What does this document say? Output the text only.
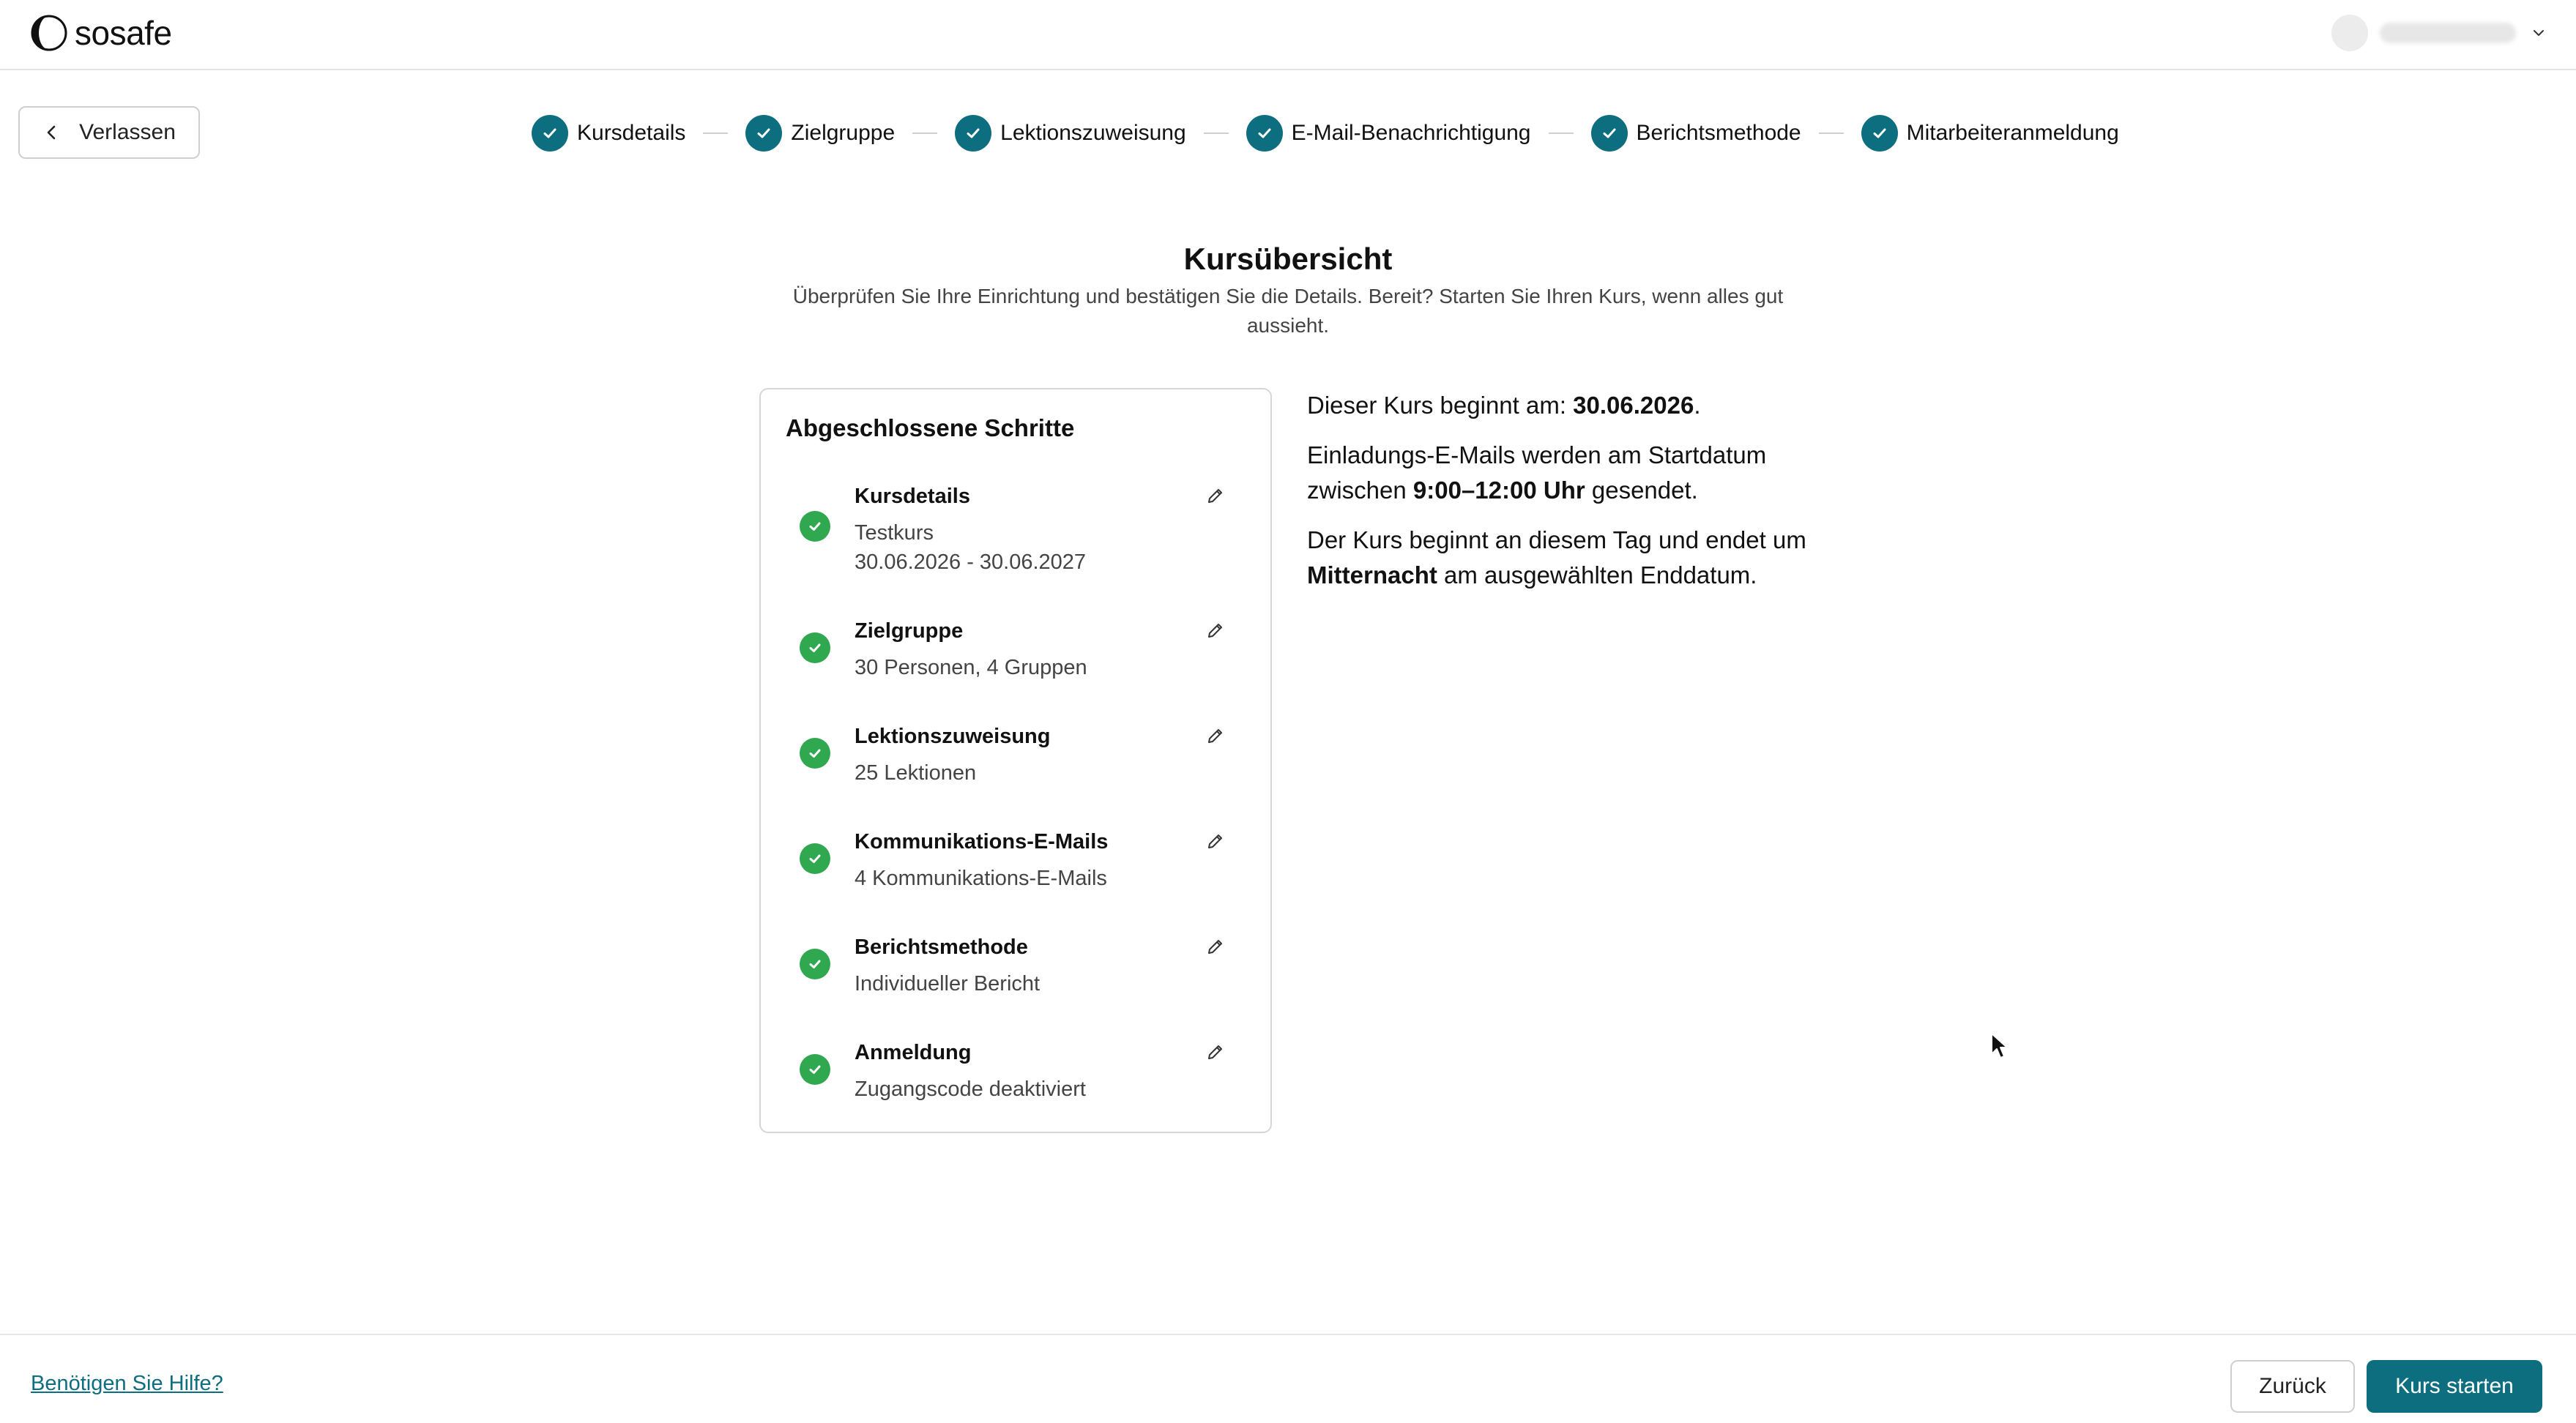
sosafe
Verlassen	Kursdetails	Zielgruppe	Lektionszuweisung	E-Mail-Benachrichtigung	Berichtsmethode	Mitarbeiteranmeldung
Kursübersicht
Überprüfen Sie Ihre Einrichtung und bestätigen Sie die Details. Bereit? Starten Sie Ihren Kurs, wenn alles gut aussieht.
Abgeschlossene Schritte
Kursdetails
Testkurs
30.06.2026 - 30.06.2027
Zielgruppe
30 Personen, 4 Gruppen
Lektionszuweisung
25 Lektionen
Kommunikations-E-Mails
4 Kommunikations-E-Mails
Berichtsmethode
Individueller Bericht
Anmeldung
Zugangscode deaktiviert

Dieser Kurs beginnt am: 30.06.2026.

Einladungs-E-Mails werden am Startdatum zwischen 9:00–12:00 Uhr gesendet.

Der Kurs beginnt an diesem Tag und endet um Mitternacht am ausgewählten Enddatum.

Benötigen Sie Hilfe?	Zurück	Kurs starten
